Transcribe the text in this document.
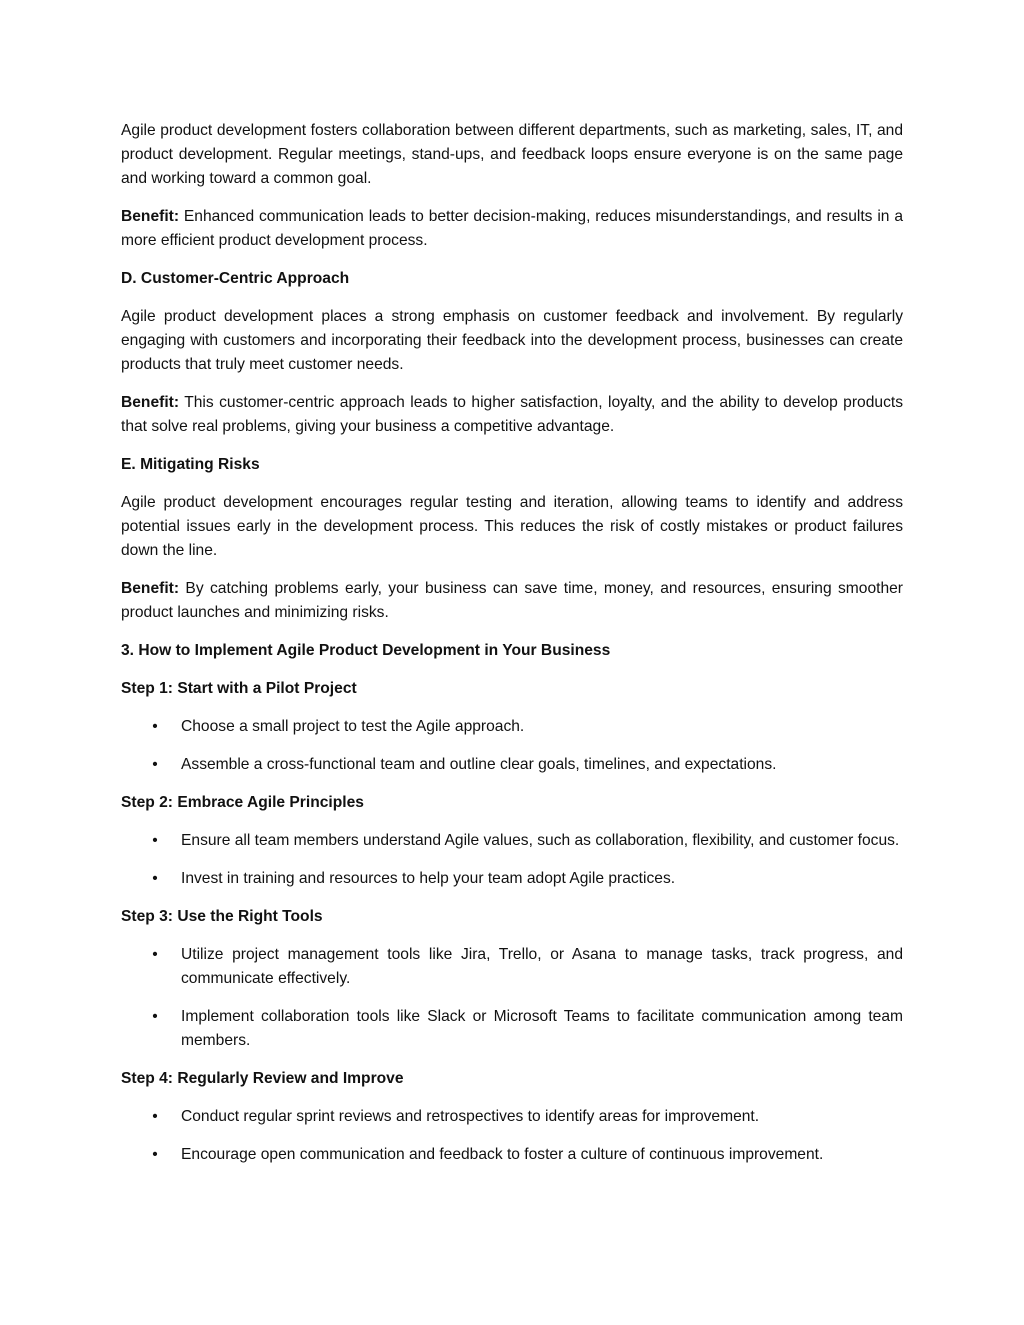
Agile product development fosters collaboration between different departments, such as marketing, sales, IT, and product development. Regular meetings, stand-ups, and feedback loops ensure everyone is on the same page and working toward a common goal.

Benefit: Enhanced communication leads to better decision-making, reduces misunderstandings, and results in a more efficient product development process.

D. Customer-Centric Approach

Agile product development places a strong emphasis on customer feedback and involvement. By regularly engaging with customers and incorporating their feedback into the development process, businesses can create products that truly meet customer needs.

Benefit: This customer-centric approach leads to higher satisfaction, loyalty, and the ability to develop products that solve real problems, giving your business a competitive advantage.

E. Mitigating Risks

Agile product development encourages regular testing and iteration, allowing teams to identify and address potential issues early in the development process. This reduces the risk of costly mistakes or product failures down the line.

Benefit: By catching problems early, your business can save time, money, and resources, ensuring smoother product launches and minimizing risks.

3. How to Implement Agile Product Development in Your Business
Step 1: Start with a Pilot Project
• Choose a small project to test the Agile approach.
• Assemble a cross-functional team and outline clear goals, timelines, and expectations.
Step 2: Embrace Agile Principles
• Ensure all team members understand Agile values, such as collaboration, flexibility, and customer focus.
• Invest in training and resources to help your team adopt Agile practices.
Step 3: Use the Right Tools
• Utilize project management tools like Jira, Trello, or Asana to manage tasks, track progress, and communicate effectively.
• Implement collaboration tools like Slack or Microsoft Teams to facilitate communication among team members.
Step 4: Regularly Review and Improve
• Conduct regular sprint reviews and retrospectives to identify areas for improvement.
• Encourage open communication and feedback to foster a culture of continuous improvement.
